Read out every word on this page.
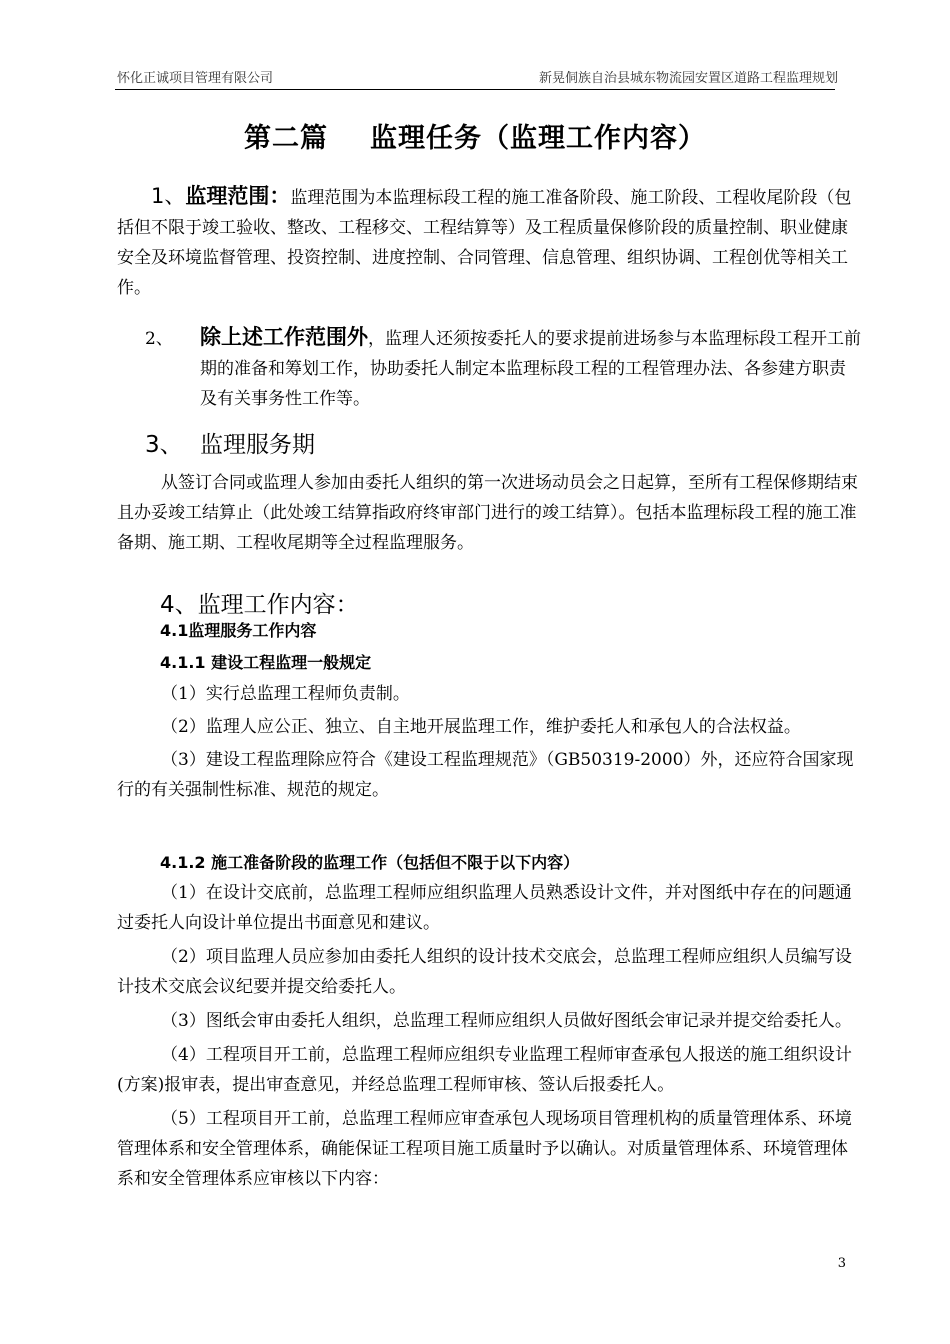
怀化正诚项目管理有限公司	新晃侗族自治县城东物流园安置区道路工程监理规划
第二篇 监理任务（监理工作内容）
1、监理范围：监理范围为本监理标段工程的施工准备阶段、施工阶段、工程收尾阶段（包括但不限于竣工验收、整改、工程移交、工程结算等）及工程质量保修阶段的质量控制、职业健康安全及环境监督管理、投资控制、进度控制、合同管理、信息管理、组织协调、工程创优等相关工作。
2、 除上述工作范围外，监理人还须按委托人的要求提前进场参与本监理标段工程开工前期的准备和筹划工作，协助委托人制定本监理标段工程的工程管理办法、各参建方职责及有关事务性工作等。
3、 监理服务期
从签订合同或监理人参加由委托人组织的第一次进场动员会之日起算，至所有工程保修期结束且办妥竣工结算止（此处竣工结算指政府终审部门进行的竣工结算）。包括本监理标段工程的施工准备期、施工期、工程收尾期等全过程监理服务。
4、监理工作内容：
4.1监理服务工作内容
4.1.1 建设工程监理一般规定

（1）实行总监理工程师负责制。

（2）监理人应公正、独立、自主地开展监理工作，维护委托人和承包人的合法权益。

（3）建设工程监理除应符合《建设工程监理规范》（GB50319-2000）外，还应符合国家现行的有关强制性标准、规范的规定。

4.1.2 施工准备阶段的监理工作（包括但不限于以下内容）

（1）在设计交底前，总监理工程师应组织监理人员熟悉设计文件，并对图纸中存在的问题通过委托人向设计单位提出书面意见和建议。

（2）项目监理人员应参加由委托人组织的设计技术交底会，总监理工程师应组织人员编写设计技术交底会议纪要并提交给委托人。

（3）图纸会审由委托人组织，总监理工程师应组织人员做好图纸会审记录并提交给委托人。

（4）工程项目开工前，总监理工程师应组织专业监理工程师审查承包人报送的施工组织设计(方案)报审表，提出审查意见，并经总监理工程师审核、签认后报委托人。

（5）工程项目开工前，总监理工程师应审查承包人现场项目管理机构的质量管理体系、环境管理体系和安全管理体系，确能保证工程项目施工质量时予以确认。对质量管理体系、环境管理体系和安全管理体系应审核以下内容：

3
